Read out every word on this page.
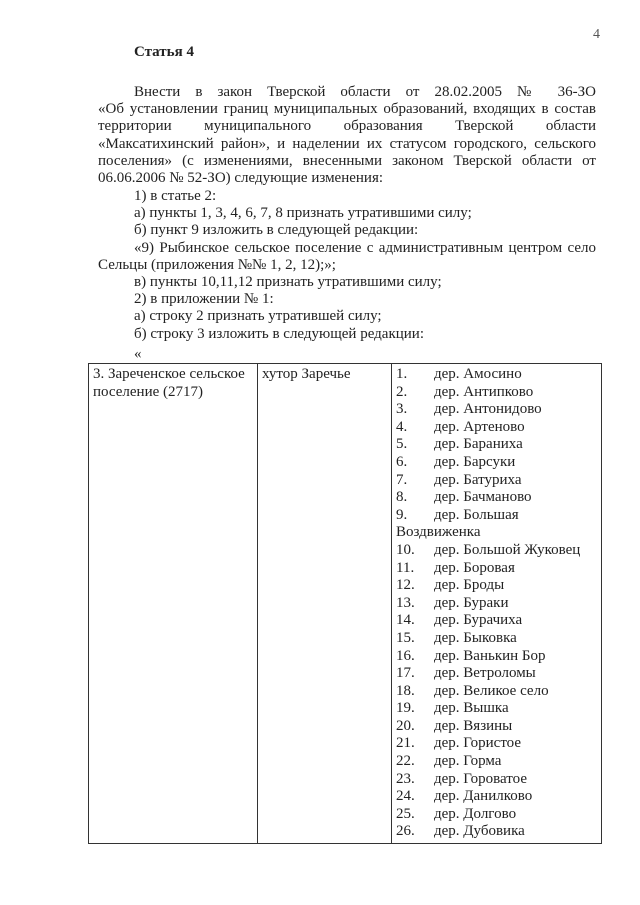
4
Статья 4
Внести в закон Тверской области от 28.02.2005 № 36-ЗО
«Об установлении границ муниципальных образований, входящих в состав
территории муниципального образования Тверской области
«Максатихинский район», и наделении их статусом городского, сельского
поселения» (с изменениями, внесенными законом Тверской области от
06.06.2006 № 52-ЗО) следующие изменения:
1) в статье 2:
а) пункты 1, 3, 4, 6, 7, 8 признать утратившими силу;
б) пункт 9 изложить в следующей редакции:
«9) Рыбинское сельское поселение с административным центром село
Сельцы (приложения №№ 1, 2, 12);»;
в) пункты 10,11,12 признать утратившими силу;
2) в приложении № 1:
а) строку 2 признать утратившей силу;
б) строку 3 изложить в следующей редакции:
«
3. Зареченское сельское поселение (2717)	хутор Заречье	1.	дер. Амосино
2.	дер. Антипково
3.	дер. Антонидово
4.	дер. Артеново
5.	дер. Бараниха
6.	дер. Барсуки
7.	дер. Батуриха
8.	дер. Бачманово
9.	дер. Большая
Воздвиженка
10.	дер. Большой Жуковец
11.	дер. Боровая
12.	дер. Броды
13.	дер. Бураки
14.	дер. Бурачиха
15.	дер. Быковка
16.	дер. Ванькин Бор
17.	дер. Ветроломы
18.	дер. Великое село
19.	дер. Вышка
20.	дер. Вязины
21.	дер. Гористое
22.	дер. Горма
23.	дер. Горoватое
24.	дер. Данилково
25.	дер. Долгово
26.	дер. Дубовика
